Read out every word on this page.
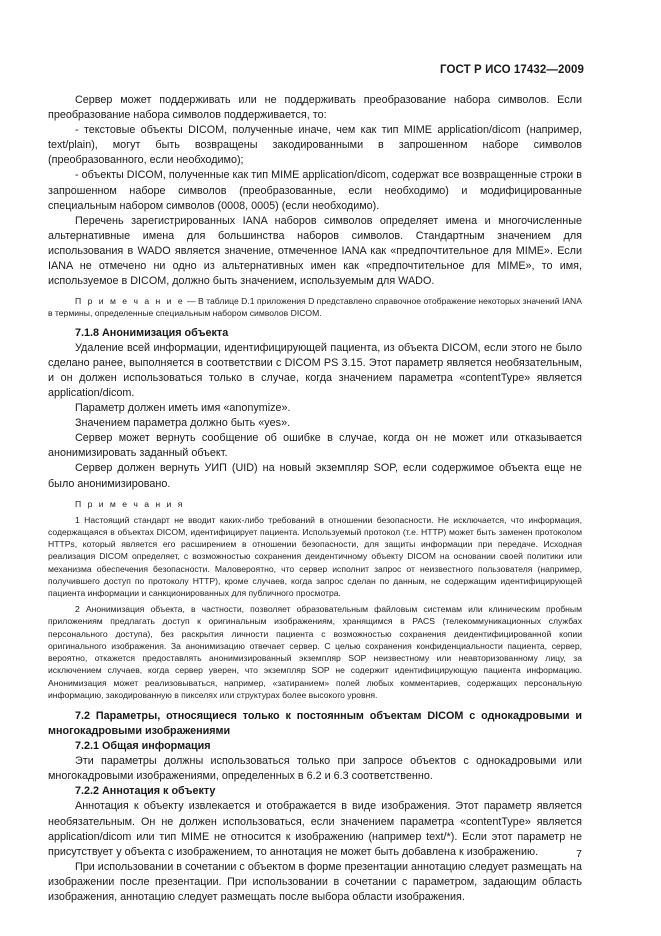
ГОСТ Р ИСО 17432—2009

Сервер может поддерживать или не поддерживать преобразование набора символов. Если преобразование набора символов поддерживается, то:

- текстовые объекты DICOM, полученные иначе, чем как тип MIME application/dicom (например, text/plain), могут быть возвращены закодированными в запрошенном наборе символов (преобразованного, если необходимо);

- объекты DICOM, полученные как тип MIME application/dicom, содержат все возвращенные строки в запрошенном наборе символов (преобразованные, если необходимо) и модифицированные специальным набором символов (0008, 0005) (если необходимо).

Перечень зарегистрированных IANA наборов символов определяет имена и многочисленные альтернативные имена для большинства наборов символов. Стандартным значением для использования в WADO является значение, отмеченное IANA как «предпочтительное для MIME». Если IANA не отмечено ни одно из альтернативных имен как «предпочтительное для MIME», то имя, используемое в DICOM, должно быть значением, используемым для WADO.

П р и м е ч а н и е — В таблице D.1 приложения D представлено справочное отображение некоторых значений IANA в термины, определенные специальным набором символов DICOM.

7.1.8 Анонимизация объекта

Удаление всей информации, идентифицирующей пациента, из объекта DICOM, если этого не было сделано ранее, выполняется в соответствии с DICOM PS 3.15. Этот параметр является необязательным, и он должен использоваться только в случае, когда значением параметра «contentType» является application/dicom.

Параметр должен иметь имя «anonymize».

Значением параметра должно быть «yes».

Сервер может вернуть сообщение об ошибке в случае, когда он не может или отказывается анонимизировать заданный объект.

Сервер должен вернуть УИП (UID) на новый экземпляр SOP, если содержимое объекта еще не было анонимизировано.

П р и м е ч а н и я

1 Настоящий стандарт не вводит каких-либо требований в отношении безопасности. Не исключается, что информация, содержащаяся в объектах DICOM, идентифицирует пациента. Используемый протокол (т.е. HTTP) может быть заменен протоколом HTTPs, который является его расширением в отношении безопасности, для защиты информации при передаче. Исходная реализация DICOM определяет, с возможностью сохранения деидентичному объекту DICOM на основании своей политики или механизма обеспечения безопасности. Маловероятно, что сервер исполнит запрос от неизвестного пользователя (например, получившего доступ по протоколу HTTP), кроме случаев, когда запрос сделан по данным, не содержащим идентифицирующей пациента информации и санкционированных для публичного просмотра.

2 Анонимизация объекта, в частности, позволяет образовательным файловым системам или клиническим пробным приложениям предлагать доступ к оригинальным изображениям, хранящимся в PACS (телекоммуникационных службах персонального доступа), без раскрытия личности пациента с возможностью сохранения деидентифицированной копии оригинального изображения. За анонимизацию отвечает сервер. С целью сохранения конфиденциальности пациента, сервер, вероятно, откажется предоставлять анонимизированный экземпляр SOP неизвестному или неавторизованному лицу, за исключением случаев, когда сервер уверен, что экземпляр SOP не содержит идентифицирующую пациента информацию. Анонимизация может реализовываться, например, «затиранием» полей любых комментариев, содержащих персональную информацию, закодированную в пикселях или структурах более высокого уровня.

7.2 Параметры, относящиеся только к постоянным объектам DICOM с однокадровыми и многокадровыми изображениями

7.2.1 Общая информация

Эти параметры должны использоваться только при запросе объектов с однокадровыми или многокадровыми изображениями, определенных в 6.2 и 6.3 соответственно.

7.2.2 Аннотация к объекту

Аннотация к объекту извлекается и отображается в виде изображения. Этот параметр является необязательным. Он не должен использоваться, если значением параметра «contentType» является application/dicom или тип MIME не относится к изображению (например text/*). Если этот параметр не присутствует у объекта с изображением, то аннотация не может быть добавлена к изображению.

При использовании в сочетании с объектом в форме презентации аннотацию следует размещать на изображении после презентации. При использовании в сочетании с параметром, задающим область изображения, аннотацию следует размещать после выбора области изображения.

7
